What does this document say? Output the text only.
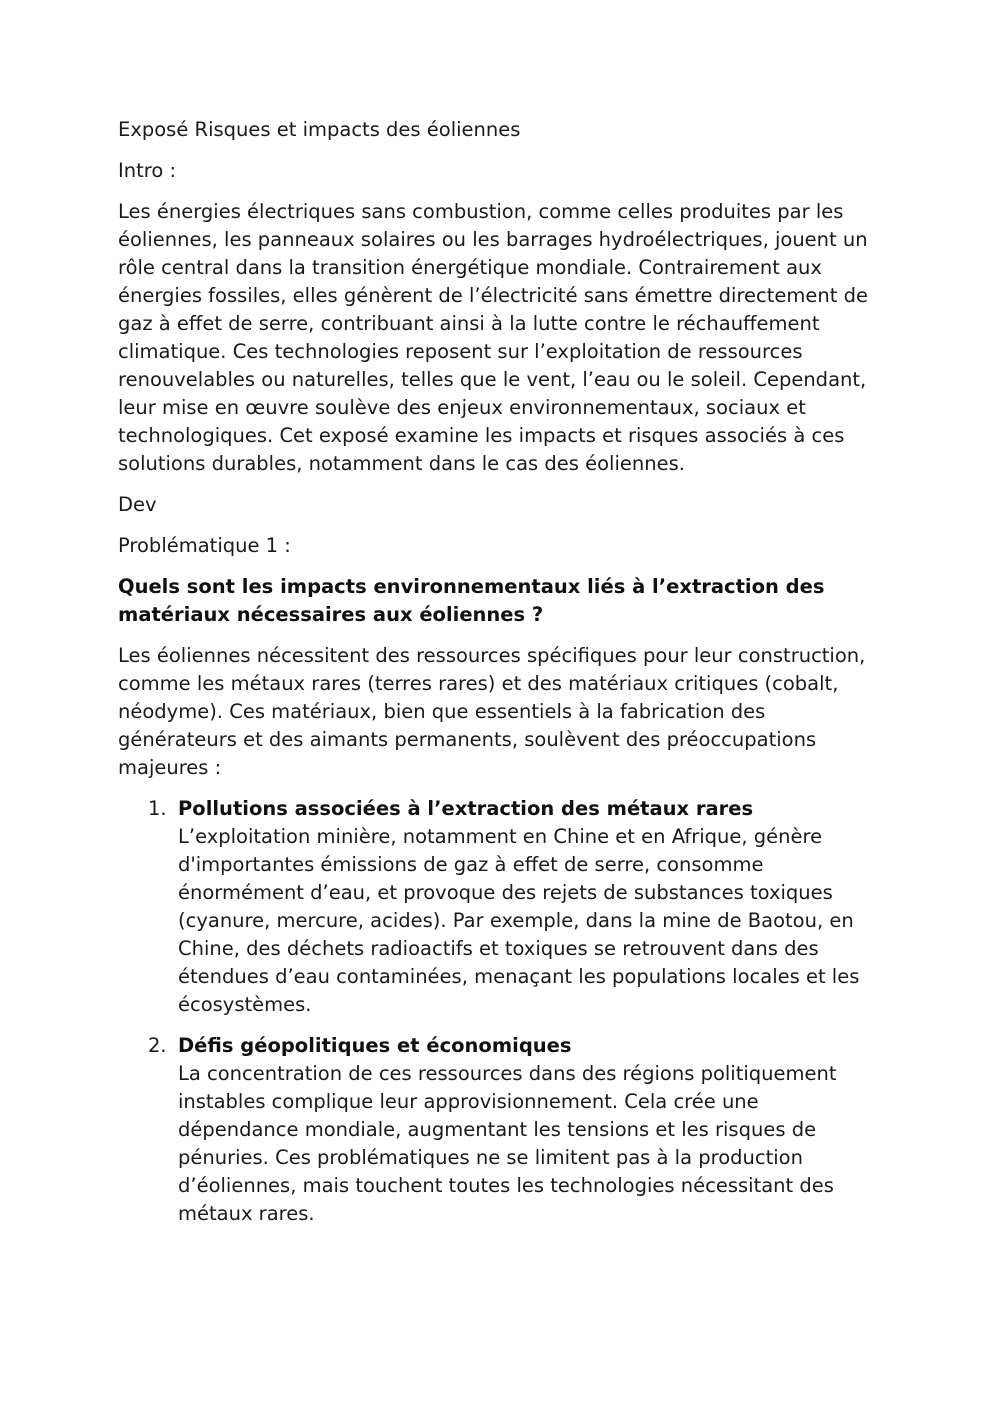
Exposé Risques et impacts des éoliennes

Intro :

Les énergies électriques sans combustion, comme celles produites par les éoliennes, les panneaux solaires ou les barrages hydroélectriques, jouent un rôle central dans la transition énergétique mondiale. Contrairement aux énergies fossiles, elles génèrent de l’électricité sans émettre directement de gaz à effet de serre, contribuant ainsi à la lutte contre le réchauffement climatique. Ces technologies reposent sur l’exploitation de ressources renouvelables ou naturelles, telles que le vent, l’eau ou le soleil. Cependant, leur mise en œuvre soulève des enjeux environnementaux, sociaux et technologiques. Cet exposé examine les impacts et risques associés à ces solutions durables, notamment dans le cas des éoliennes.

Dev

Problématique 1 :

Quels sont les impacts environnementaux liés à l’extraction des matériaux nécessaires aux éoliennes ?

Les éoliennes nécessitent des ressources spécifiques pour leur construction, comme les métaux rares (terres rares) et des matériaux critiques (cobalt, néodyme). Ces matériaux, bien que essentiels à la fabrication des générateurs et des aimants permanents, soulèvent des préoccupations majeures :

1. Pollutions associées à l’extraction des métaux rares
L’exploitation minière, notamment en Chine et en Afrique, génère d'importantes émissions de gaz à effet de serre, consomme énormément d’eau, et provoque des rejets de substances toxiques (cyanure, mercure, acides). Par exemple, dans la mine de Baotou, en Chine, des déchets radioactifs et toxiques se retrouvent dans des étendues d’eau contaminées, menaçant les populations locales et les écosystèmes.
2. Défis géopolitiques et économiques
La concentration de ces ressources dans des régions politiquement instables complique leur approvisionnement. Cela crée une dépendance mondiale, augmentant les tensions et les risques de pénuries. Ces problématiques ne se limitent pas à la production d’éoliennes, mais touchent toutes les technologies nécessitant des métaux rares.
